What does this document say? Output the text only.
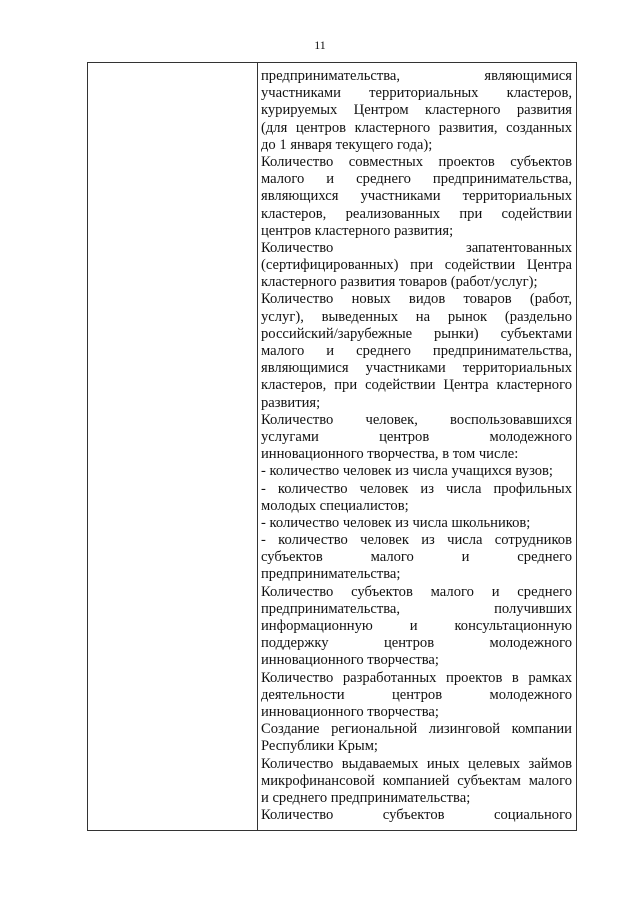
11
предпринимательства, являющимися
участниками территориальных кластеров,
курируемых Центром кластерного развития
(для центров кластерного развития, созданных
до 1 января текущего года);
Количество совместных проектов субъектов
малого и среднего предпринимательства,
являющихся участниками территориальных
кластеров, реализованных при содействии
центров кластерного развития;
Количество запатентованных
(сертифицированных) при содействии Центра
кластерного развития товаров (работ/услуг);
Количество новых видов товаров (работ,
услуг), выведенных на рынок (раздельно
российский/зарубежные рынки) субъектами
малого и среднего предпринимательства,
являющимися участниками территориальных
кластеров, при содействии Центра кластерного
развития;
Количество человек, воспользовавшихся
услугами центров молодежного
инновационного творчества, в том числе:
- количество человек из числа учащихся вузов;
- количество человек из числа профильных
молодых специалистов;
- количество человек из числа школьников;
- количество человек из числа сотрудников
субъектов малого и среднего
предпринимательства;
Количество субъектов малого и среднего
предпринимательства, получивших
информационную и консультационную
поддержку центров молодежного
инновационного творчества;
Количество разработанных проектов в рамках
деятельности центров молодежного
инновационного творчества;
Создание региональной лизинговой компании
Республики Крым;
Количество выдаваемых иных целевых займов
микрофинансовой компанией субъектам малого
и среднего предпринимательства;
Количество субъектов социального
